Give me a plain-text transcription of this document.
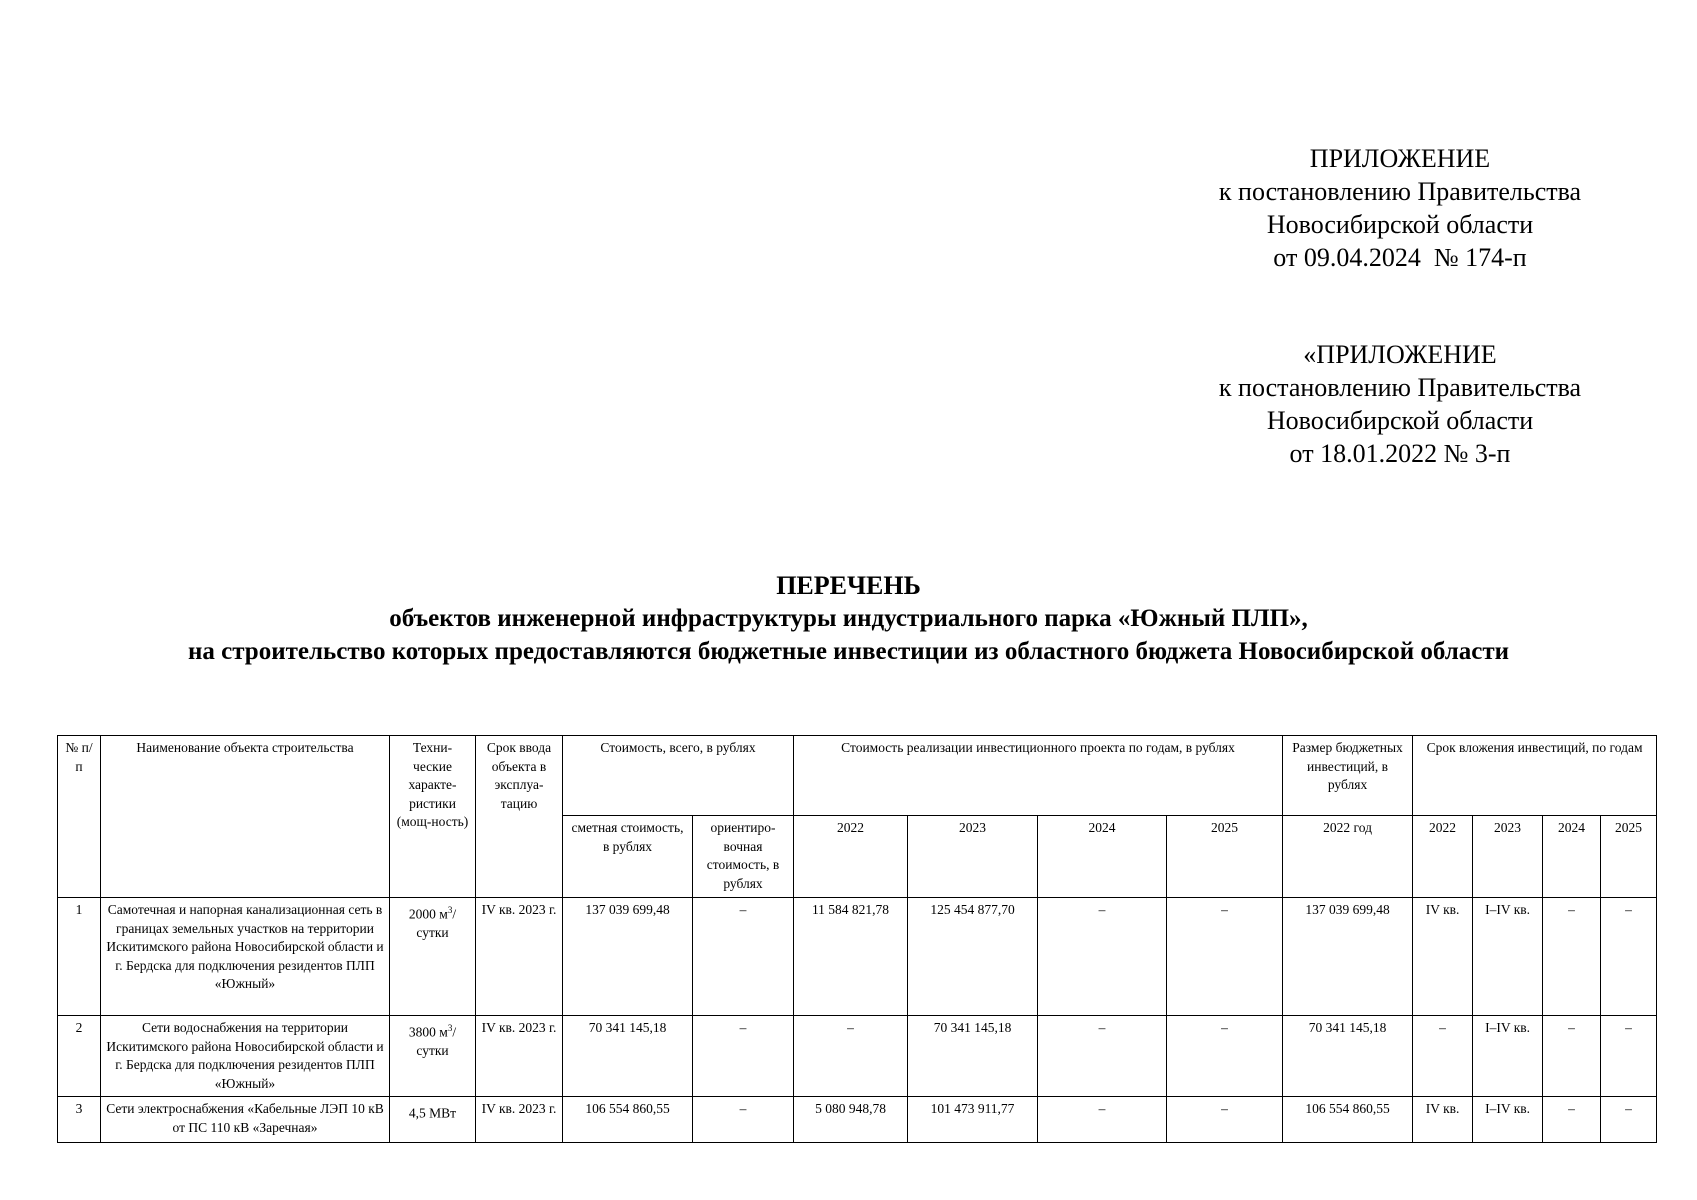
ПРИЛОЖЕНИЕ
к постановлению Правительства
Новосибирской области
от 09.04.2024  № 174-п
«ПРИЛОЖЕНИЕ
к постановлению Правительства
Новосибирской области
от 18.01.2022 № 3-п
ПЕРЕЧЕНЬ
объектов инженерной инфраструктуры индустриального парка «Южный ПЛП»,
на строительство которых предоставляются бюджетные инвестиции из областного бюджета Новосибирской области
№ п/п	Наименование объекта строительства	Техни-ческие характе-ристики (мощ-ность)	Срок ввода объекта в эксплуа-тацию	Стоимость, всего, в рублях		Стоимость реализации инвестиционного проекта по годам, в рублях				Размер бюджетных инвестиций, в рублях	Срок вложения инвестиций, по годам			
				сметная стоимость, в рублях	ориентиро-вочная стоимость, в рублях	2022	2023	2024	2025	2022 год	2022	2023	2024	2025
1	Самотечная и напорная канализационная сеть в границах земельных участков на территории Искитимского района Новосибирской области и г. Бердска для подключения резидентов ПЛП «Южный»	2000 $м^3/$ сутки	IV кв. 2023 г.	137 039 699,48	–	11 584 821,78	125 454 877,70	–	–	137 039 699,48	IV кв.	I–IV кв.	–	–
2	Сети водоснабжения на территории Искитимского района Новосибирской области и г. Бердска для подключения резидентов ПЛП «Южный»	3800 $м^3/$ сутки	IV кв. 2023 г.	70 341 145,18	–	–	70 341 145,18	–	–	70 341 145,18	–	I–IV кв.	–	–
3	Сети электроснабжения «Кабельные ЛЭП 10 кВ от ПС 110 кВ «Заречная»	4,5 МВт	IV кв. 2023 г.	106 554 860,55	–	5 080 948,78	101 473 911,77	–	–	106 554 860,55	IV кв.	I–IV кв.	–	–
